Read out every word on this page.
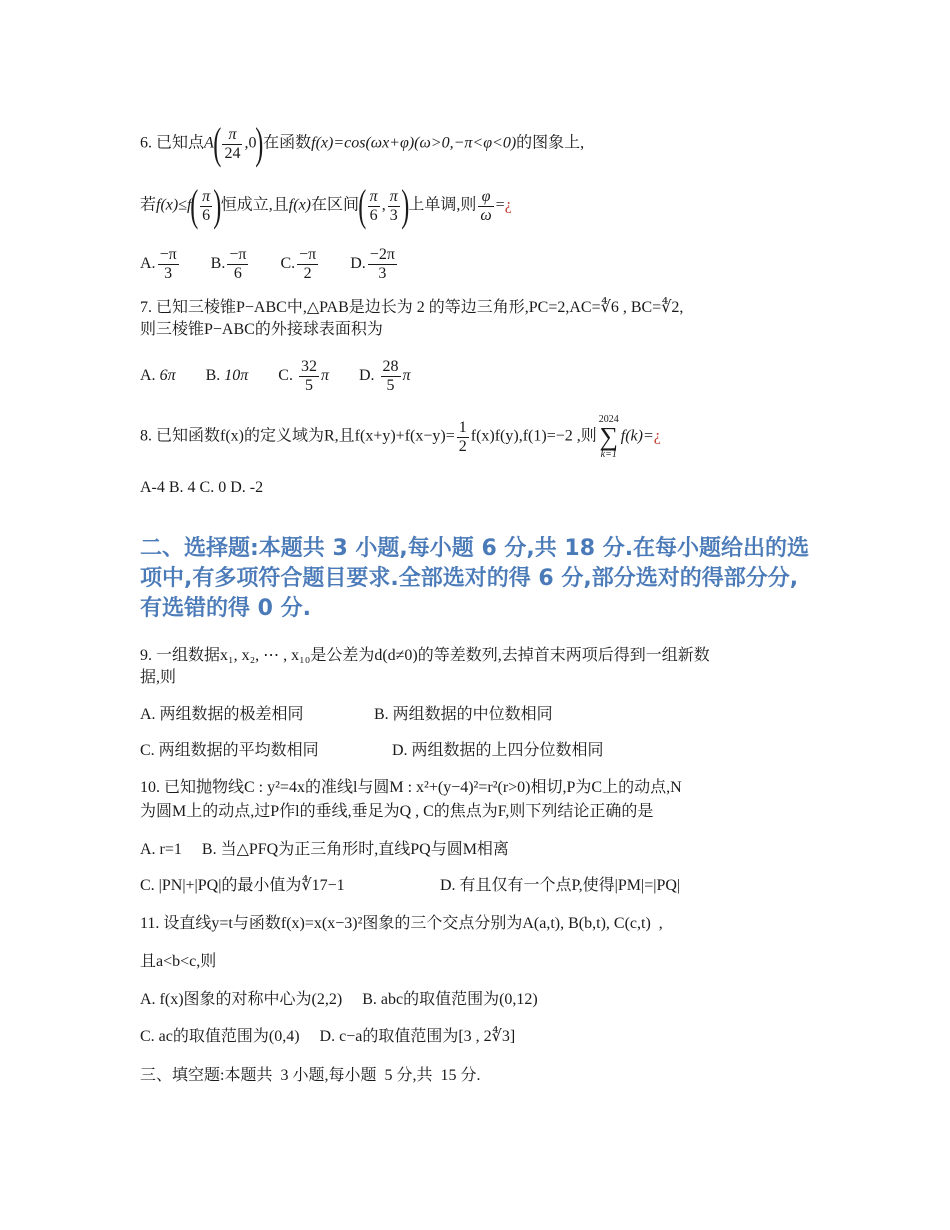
6. 已知点$A( \frac{\pi}{24} ,0)$在函数f(x)=cos(ωx+φ)(ω>0,−π<φ<0)的图象上,
若$f(x)\le f( \frac{\pi}{6}$ )恒成立,且f(x)在区间( $\frac{\pi}{6}$ , $\frac{\pi}{3}$ )上单调,则 $\frac{\varphi}{\omega}$ =¿
A. $\frac{-\pi}{3} B$. $\frac{-\pi}{6} C$. $\frac{-\pi}{2} D$. $\frac{-2\pi}{3}$
7. 已知三棱锥P−ABC中,△PAB是边长为 2 的等边三角形,PC=2,AC=∜6 , BC=∜2,
则三棱锥P−ABC的外接球表面积为
A. 6π B. 10π C. $\frac{32}{5}$ π D. $\frac{28}{5}$ π
8. 已知函数f(x)的定义域为R,且$f(x+y)+f(x-y)= \frac{1}{2} f(x)f(y),f(1)=-2$ ,则
2024
∑
k=1
f(k)=¿
A-4 B. 4 C. 0 D. -2
二、选择题:本题共 3 小题,每小题 6 分,共 18 分.在每小题给出的选项中,有多项符合题目要求.全部选对的得 6 分,部分选对的得部分分,有选错的得 0 分.
9. 一组数据x₁, x₂, ⋯ , x₁₀是公差为d(d≠0)的等差数列,去掉首末两项后得到一组新数
据,则
A. 两组数据的极差相同	B. 两组数据的中位数相同
C. 两组数据的平均数相同	D. 两组数据的上四分位数相同
10. 已知抛物线C : y²=4x的准线l与圆M : x²+(y−4)²=r²(r>0)相切,P为C上的动点,N
为圆M上的动点,过P作l的垂线,垂足为Q , C的焦点为F,则下列结论正确的是
A. r=1     B. 当△PFQ为正三角形时,直线PQ与圆M相离
C. |PN|+|PQ|的最小值为∜17−1	D. 有且仅有一个点P,使得|PM|=|PQ|
11. 设直线y=t与函数f(x)=x(x−3)²图象的三个交点分别为A(a,t), B(b,t), C(c,t)  ,
且a<b<c,则
A. f(x)图象的对称中心为(2,2)     B. abc的取值范围为(0,12)
C. ac的取值范围为(0,4)     D. c−a的取值范围为[3 , 2∜3]
三、填空题:本题共  3 小题,每小题  5 分,共  15 分.
